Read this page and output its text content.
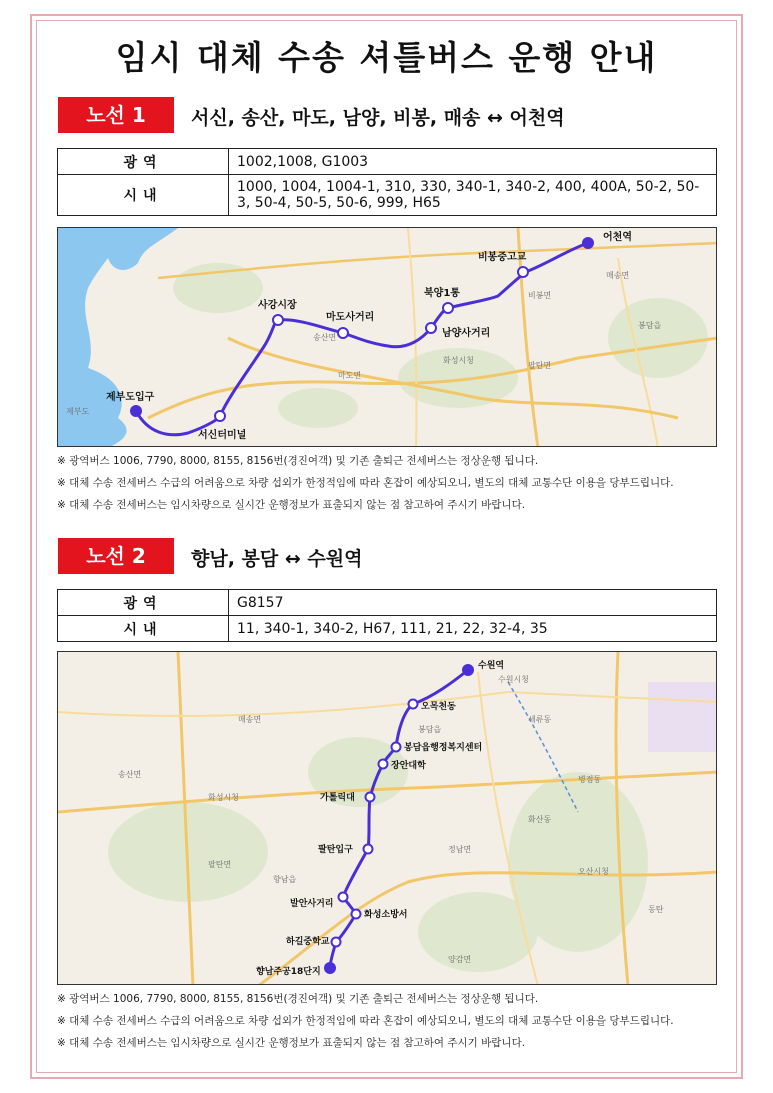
임시 대체 수송 셔틀버스 운행 안내
노선 1	서신, 송산, 마도, 남양, 비봉, 매송 ↔ 어천역
광역	1002,1008, G1003
시내	1000, 1004, 1004-1, 310, 330, 340-1, 340-2, 400, 400A, 50-2, 50-3, 50-4, 50-5, 50-6, 999, H65
제부도입구
서신터미널
사강시장
마도사거리
남양사거리
북양1통
비봉중고교
어천역
제부도
송산면
마도면
화성시청
비봉면
매송면
팔탄면
봉담읍
※ 광역버스 1006, 7790, 8000, 8155, 8156번(경진여객) 및 기존 출퇴근 전세버스는 정상운행 됩니다.
※ 대체 수송 전세버스 수급의 어려움으로 차량 섭외가 한정적임에 따라 혼잡이 예상되오니, 별도의 대체 교통수단 이용을 당부드립니다.
※ 대체 수송 전세버스는 임시차량으로 실시간 운행정보가 표출되지 않는 점 참고하여 주시기 바랍니다.
노선 2	향남, 봉담 ↔ 수원역
광역	G8157
시내	11, 340-1, 340-2, H67, 111, 21, 22, 32-4, 35
향남주공18단지
하길중학교
화성소방서
발안사거리
팔탄입구
가톨릭대
장안대학
봉담읍행정복지센터
오목천동
수원역
화성시청
수원시청
오산시청
송산면
팔탄면
봉담읍
정남면
향남읍
양감면
병점동
동탄
세류동
매송면
화산동
※ 광역버스 1006, 7790, 8000, 8155, 8156번(경진여객) 및 기존 출퇴근 전세버스는 정상운행 됩니다.
※ 대체 수송 전세버스 수급의 어려움으로 차량 섭외가 한정적임에 따라 혼잡이 예상되오니, 별도의 대체 교통수단 이용을 당부드립니다.
※ 대체 수송 전세버스는 임시차량으로 실시간 운행정보가 표출되지 않는 점 참고하여 주시기 바랍니다.
